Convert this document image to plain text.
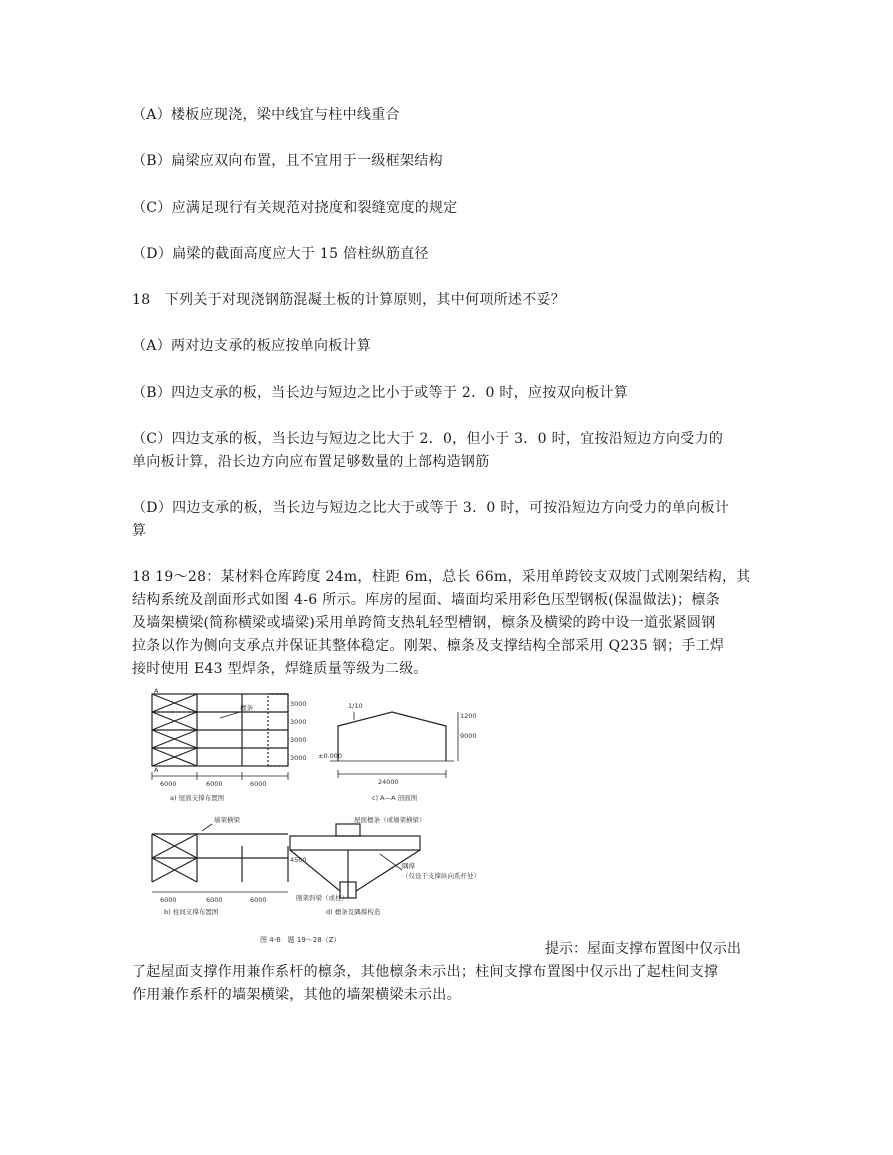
（A）楼板应现浇，梁中线宜与柱中线重合
（B）扁梁应双向布置，且不宜用于一级框架结构
（C）应满足现行有关规范对挠度和裂缝宽度的规定
（D）扁梁的截面高度应大于 15 倍柱纵筋直径
18　下列关于对现浇钢筋混凝土板的计算原则，其中何项所述不妥？
（A）两对边支承的板应按单向板计算
（B）四边支承的板，当长边与短边之比小于或等于 2．0 时，应按双向板计算
（C）四边支承的板，当长边与短边之比大于 2．0，但小于 3．0 时，宜按沿短边方向受力的
单向板计算，沿长边方向应布置足够数量的上部构造钢筋
（D）四边支承的板，当长边与短边之比大于或等于 3．0 时，可按沿短边方向受力的单向板计
算
18 19～28：某材料仓库跨度 24m，柱距 6m，总长 66m，采用单跨铰支双坡门式刚架结构，其
结构系统及剖面形式如图 4-6 所示。库房的屋面、墙面均采用彩色压型钢板(保温做法)；檩条
及墙架横梁(简称横梁或墙梁)采用单跨简支热轧轻型槽钢，檩条及横梁的跨中设一道张紧圆钢
拉条以作为侧向支承点并保证其整体稳定。刚架、檩条及支撑结构全部采用 Q235 钢；手工焊
接时使用 E43 型焊条，焊缝质量等级为二级。
A
A
檩条
6000	6000	6000
3000
3000
3000
3000
a) 屋面支撑布置图
1/10
±0.000
24000
9000
1200
c) A—A 剖面图
墙架横梁
4500
6000	6000	6000
b) 柱间支撑布置图
屋面檩条（或墙架横梁）
隅撑
（仅设于支撑纵向系杆处）
刚架斜梁（或柱）
d) 檩条及隅撑构造
图 4-6　题 19～28（Z）
提示：屋面支撑布置图中仅示出
了起屋面支撑作用兼作系杆的檩条，其他檩条未示出；柱间支撑布置图中仅示出了起柱间支撑
作用兼作系杆的墙架横梁，其他的墙架横梁未示出。
